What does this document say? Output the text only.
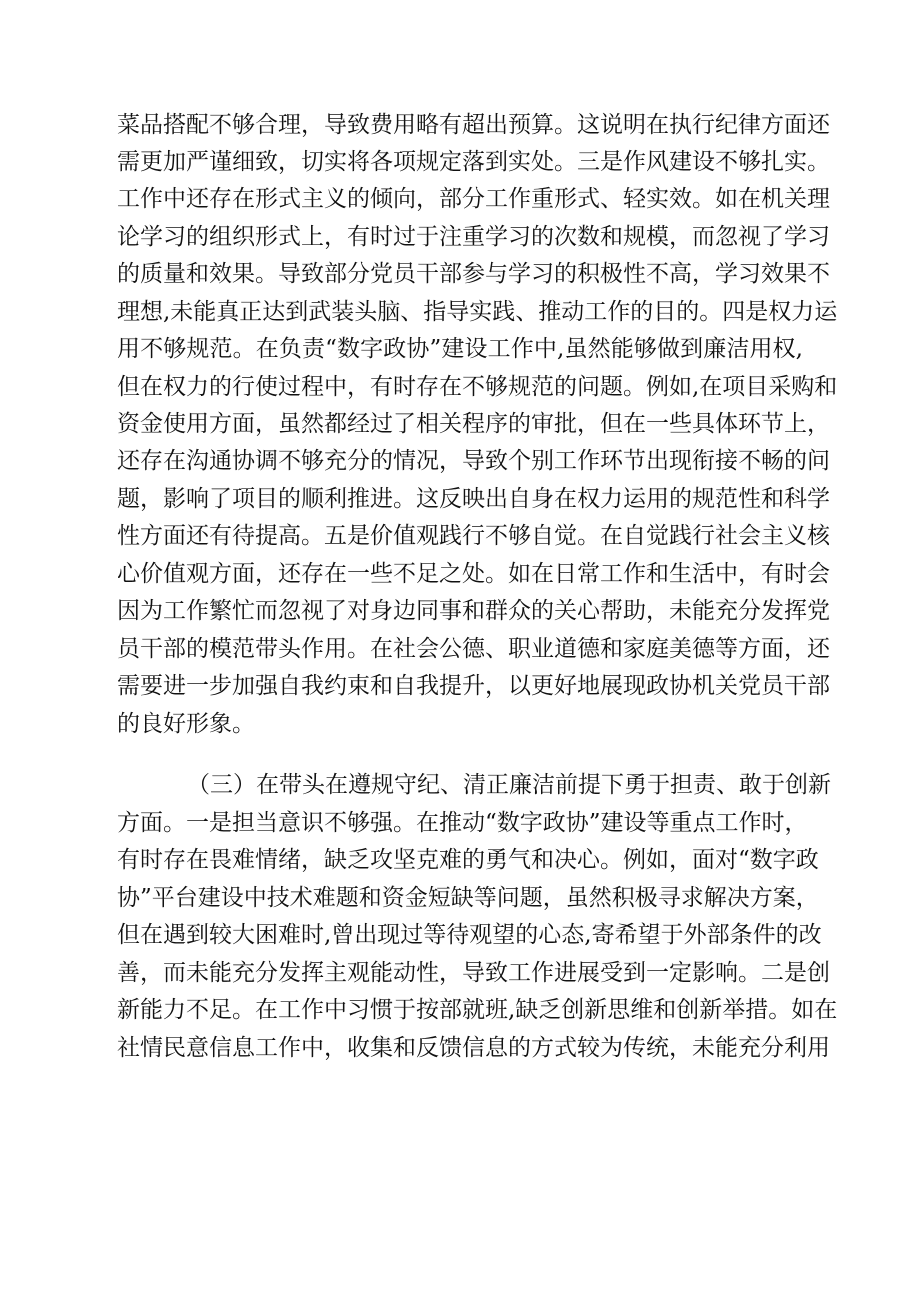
菜品搭配不够合理，导致费用略有超出预算。这说明在执行纪律方面还
需更加严谨细致，切实将各项规定落到实处。三是作风建设不够扎实。
工作中还存在形式主义的倾向，部分工作重形式、轻实效。如在机关理
论学习的组织形式上，有时过于注重学习的次数和规模，而忽视了学习
的质量和效果。导致部分党员干部参与学习的积极性不高，学习效果不
理想,未能真正达到武装头脑、指导实践、推动工作的目的。四是权力运
用不够规范。在负责“数字政协”建设工作中,虽然能够做到廉洁用权,
但在权力的行使过程中，有时存在不够规范的问题。例如,在项目采购和
资金使用方面，虽然都经过了相关程序的审批，但在一些具体环节上，
还存在沟通协调不够充分的情况，导致个别工作环节出现衔接不畅的问
题，影响了项目的顺利推进。这反映出自身在权力运用的规范性和科学
性方面还有待提高。五是价值观践行不够自觉。在自觉践行社会主义核
心价值观方面，还存在一些不足之处。如在日常工作和生活中，有时会
因为工作繁忙而忽视了对身边同事和群众的关心帮助，未能充分发挥党
员干部的模范带头作用。在社会公德、职业道德和家庭美德等方面，还
需要进一步加强自我约束和自我提升，以更好地展现政协机关党员干部
的良好形象。
（三）在带头在遵规守纪、清正廉洁前提下勇于担责、敢于创新
方面。一是担当意识不够强。在推动“数字政协”建设等重点工作时，
有时存在畏难情绪，缺乏攻坚克难的勇气和决心。例如，面对“数字政
协”平台建设中技术难题和资金短缺等问题，虽然积极寻求解决方案，
但在遇到较大困难时,曾出现过等待观望的心态,寄希望于外部条件的改
善，而未能充分发挥主观能动性，导致工作进展受到一定影响。二是创
新能力不足。在工作中习惯于按部就班,缺乏创新思维和创新举措。如在
社情民意信息工作中，收集和反馈信息的方式较为传统，未能充分利用
